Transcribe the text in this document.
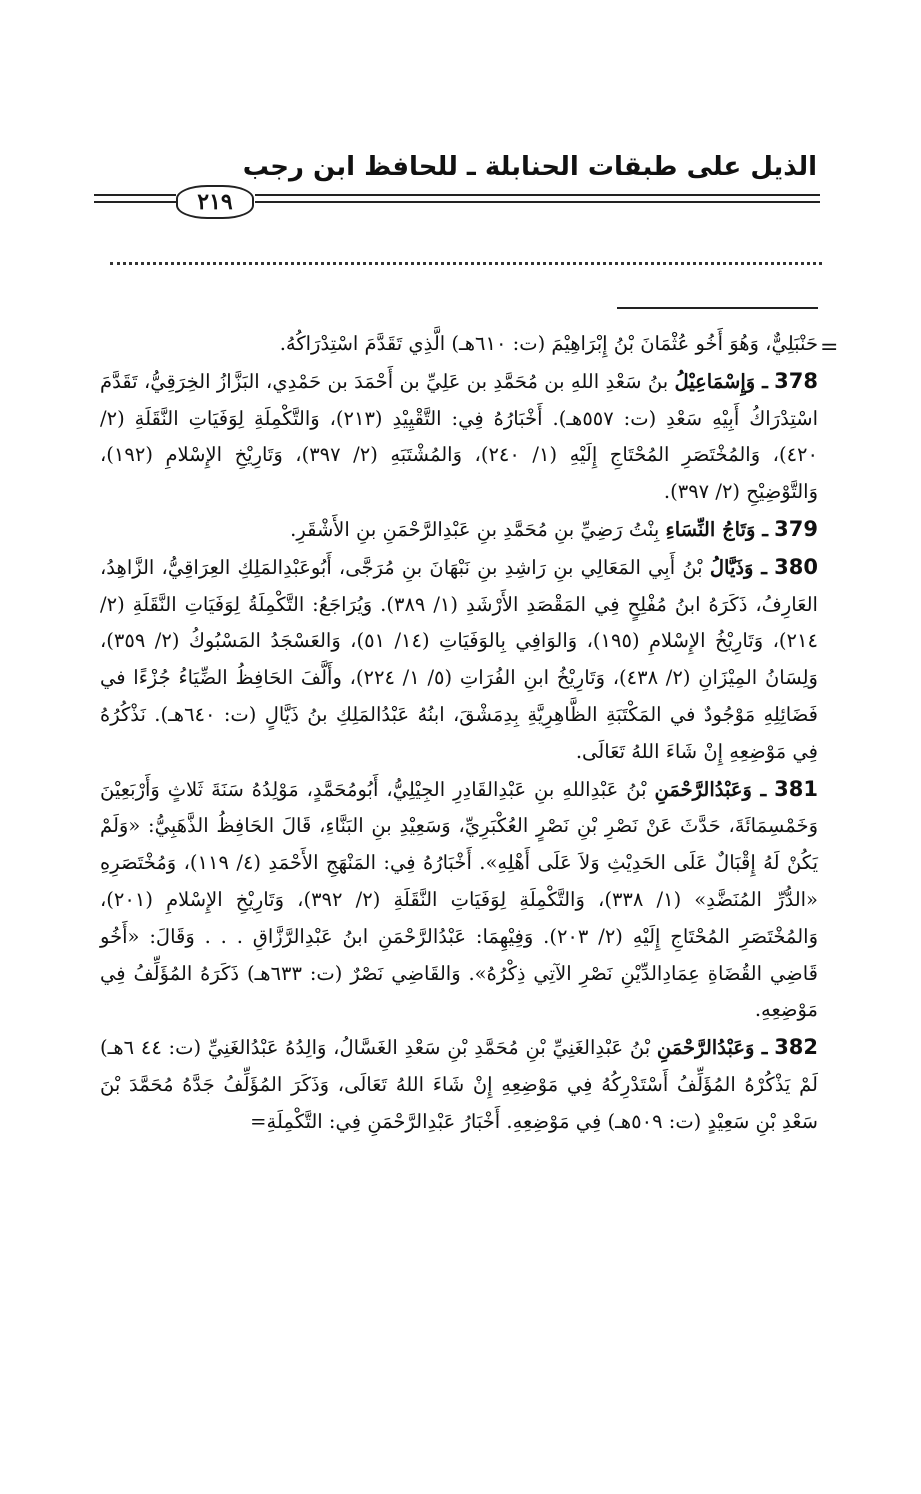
الذيل على طبقات الحنابلة ـ للحافظ ابن رجب
٢١٩
=

حَنْبَلِيٌّ، وَهُوَ أَخُو عُثْمَانَ بْنُ إِبْرَاهِيْمَ (ت: ٦١٠هـ) الَّذِي تَقَدَّمَ اسْتِدْرَاكُهُ.

378 ـ وَإِسْمَاعِيْلُ بنُ سَعْدِ اللهِ بن مُحَمَّدِ بن عَلِيِّ بن أَحْمَدَ بن حَمْدِي، البَزَّازُ الخِرَقِيُّ، تَقَدَّمَ اسْتِدْرَاكُ أَبِيْهِ سَعْدِ (ت: ٥٥٧هـ). أَخْبَارُهُ فِي: التَّقْيِيْدِ (٢١٣)، وَالتَّكْمِلَةِ لِوَفَيَاتِ النَّقَلَةِ (٢/ ٤٢٠)، وَالمُخْتَصَرِ المُحْتَاجِ إِلَيْهِ (١/ ٢٤٠)، وَالمُشْتَبَهِ (٢/ ٣٩٧)، وَتَارِيْخِ الإِسْلامِ (١٩٢)، وَالتَّوْضِيْحِ (٢/ ٣٩٧).

379 ـ وَتَاجُ النِّسَاءِ بِنْتُ رَضِيِّ بنِ مُحَمَّدِ بنِ عَبْدِالرَّحْمَنِ بنِ الأَشْقَرِ.

380 ـ وَذَيَّالُ بْنُ أَبِي المَعَالِي بنِ رَاشِدِ بنِ نَبْهَانَ بنِ مُرَجَّى، أَبُوعَبْدِالمَلِكِ العِرَاقِيُّ، الزَّاهِدُ، العَارِفُ، ذَكَرَهُ ابنُ مُفْلِحٍ فِي المَقْصَدِ الأَرْشَدِ (١/ ٣٨٩). وَيُرَاجَعُ: التَّكْمِلَةُ لِوَفَيَاتِ النَّقَلَةِ (٢/ ٢١٤)، وَتَارِيْخُ الإِسْلامِ (١٩٥)، وَالوَافِي بِالوَفَيَاتِ (١٤/ ٥١)، وَالعَسْجَدُ المَسْبُوكُ (٢/ ٣٥٩)، وَلِسَانُ المِيْزَانِ (٢/ ٤٣٨)، وَتَارِيْخُ ابنِ الفُرَاتِ (٥/ ١/ ٢٢٤)، وأَلَّفَ الحَافِظُ الضِّيَاءُ جُزْءًا في فَضَائِلِهِ مَوْجُودٌ في المَكْتَبَةِ الظَّاهِرِيَّةِ بِدِمَشْقَ، ابنُهُ عَبْدُالمَلِكِ بنُ ذَيَّالٍ (ت: ٦٤٠هـ). نَذْكُرُهُ فِي مَوْضِعِهِ إِنْ شَاءَ اللهُ تَعَالَى.

381 ـ وَعَبْدُالرَّحْمَنِ بْنُ عَبْدِاللهِ بنِ عَبْدِالقَادِرِ الجِيْلِيُّ، أَبُومُحَمَّدٍ، مَوْلِدُهُ سَنَةَ ثَلاثٍ وَأَرْبَعِيْنَ وَخَمْسِمَائَةَ، حَدَّثَ عَنْ نَصْرِ بْنِ نَصْرٍ العُكْبَرِيِّ، وَسَعِيْدِ بنِ البَنَّاءِ، قَالَ الحَافِظُ الذَّهَبِيُّ: «وَلَمْ يَكُنْ لَهُ إِقْبَالٌ عَلَى الحَدِيْثِ وَلاَ عَلَى أَهْلِهِ». أَخْبَارُهُ فِي: المَنْهَجِ الأَحْمَدِ (٤/ ١١٩)، وَمُخْتَصَرِهِ «الدُّرِّ المُنَضَّدِ» (١/ ٣٣٨)، وَالتَّكْمِلَةِ لِوَفَيَاتِ النَّقَلَةِ (٢/ ٣٩٢)، وَتَارِيْخِ الإِسْلامِ (٢٠١)، وَالمُخْتَصَرِ المُحْتَاجِ إِلَيْهِ (٢/ ٢٠٣). وَفِيْهِمَا: عَبْدُالرَّحْمَنِ ابنُ عَبْدِالرَّزَّاقِ . . . وَقَالَ: «أَخُو قَاضِي القُضَاةِ عِمَادِالدِّيْنِ نَصْرِ الآتِي ذِكْرُهُ». وَالقَاضِي نَصْرٌ (ت: ٦٣٣هـ) ذَكَرَهُ المُؤَلِّفُ فِي مَوْضِعِهِ.

382 ـ وَعَبْدُالرَّحْمَنِ بْنُ عَبْدِالغَنِيِّ بْنِ مُحَمَّدِ بْنِ سَعْدِ الغَسَّالُ، وَالِدُهُ عَبْدُالغَنِيِّ (ت: ٤٤ ٦هـ) لَمْ يَذْكُرْهُ المُؤَلِّفُ أَسْتَدْرِكُهُ فِي مَوْضِعِهِ إِنْ شَاءَ اللهُ تَعَالَى، وَذَكَرَ المُؤَلِّفُ جَدَّهُ مُحَمَّدَ بْنَ سَعْدِ بْنِ سَعِيْدٍ (ت: ٥٠٩هـ) فِي مَوْضِعِهِ. أَخْبَارُ عَبْدِالرَّحْمَنِ فِي: التَّكْمِلَةِ=
